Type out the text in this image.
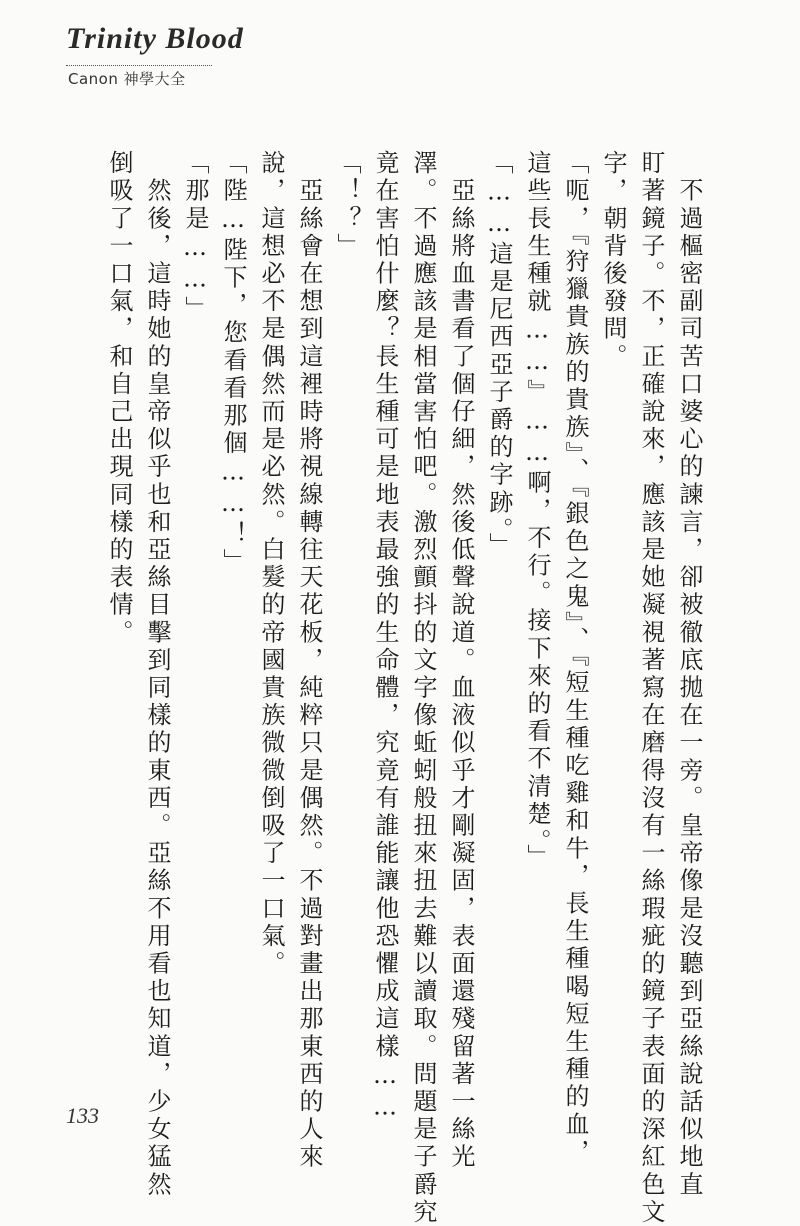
Trinity Blood
Canon 神學大全
　不過樞密副司苦口婆心的諫言，卻被徹底拋在一旁。皇帝像是沒聽到亞絲說話似地直
盯著鏡子。不，正確說來，應該是她凝視著寫在磨得沒有一絲瑕疵的鏡子表面的深紅色文
字，朝背後發問。
「呃，『狩獵貴族的貴族』、『銀色之鬼』、『短生種吃雞和牛，長生種喝短生種的血，
這些長生種就……』……啊，不行。接下來的看不清楚。」
「……這是尼西亞子爵的字跡。」
　亞絲將血書看了個仔細，然後低聲說道。血液似乎才剛凝固，表面還殘留著一絲光
澤。不過應該是相當害怕吧。激烈顫抖的文字像蚯蚓般扭來扭去難以讀取。問題是子爵究
竟在害怕什麼？長生種可是地表最強的生命體，究竟有誰能讓他恐懼成這樣……
「！？」
　亞絲會在想到這裡時將視線轉往天花板，純粹只是偶然。不過對畫出那東西的人來
說，這想必不是偶然而是必然。白髮的帝國貴族微微倒吸了一口氣。
「陛…陛下，您看看那個……！」
「那是……」
　然後，這時她的皇帝似乎也和亞絲目擊到同樣的東西。亞絲不用看也知道，少女猛然
倒吸了一口氣，和自己出現同樣的表情。
133
